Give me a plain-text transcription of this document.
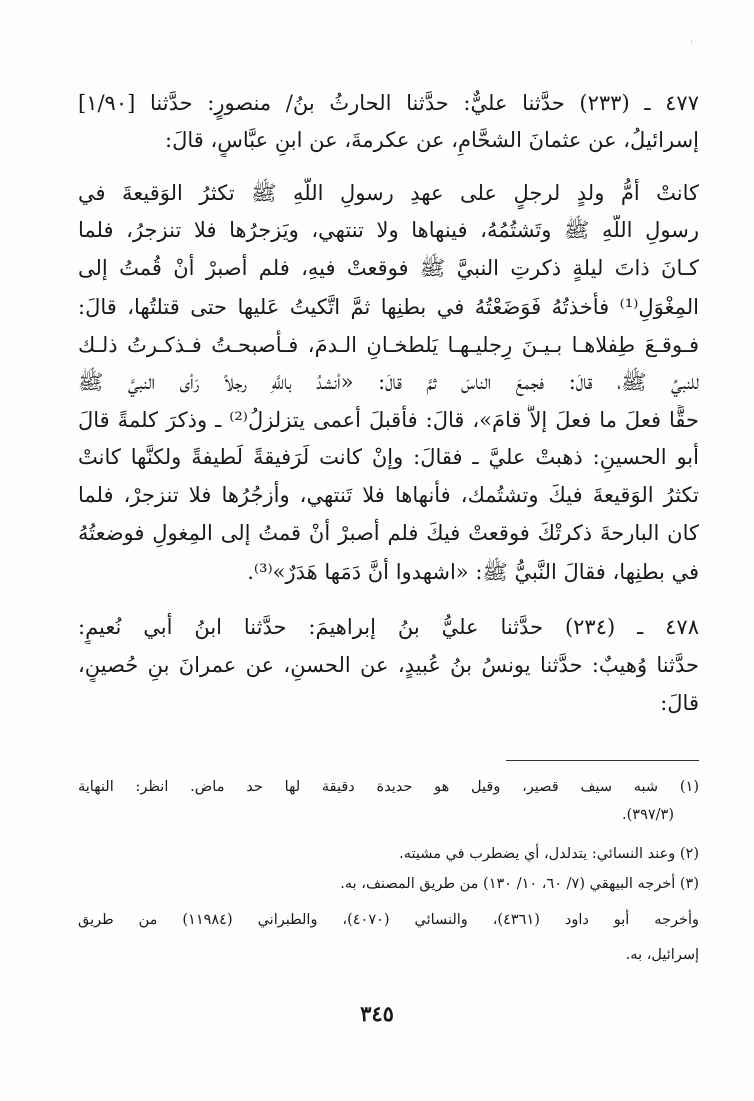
٤٧٧ ـ (٢٣٣) حدَّثنا عليٌّ: حدَّثنا الحارثُ بنُ/ منصورٍ: حدَّثنا [١/٩٠]
إسرائيلُ، عن عثمانَ الشحَّامِ، عن عكرمةَ، عن ابنِ عبَّاسٍ، قالَ:
كانتْ أمُّ ولدٍ لرجلٍ على عهدِ رسولِ اللَّهِ ﷺ تكثرُ الوَقيعةَ في
رسولِ اللَّهِ ﷺ وتَشتُمُهُ، فينهاها ولا تنتهي، ويَزجرُها فلا تنزجرُ، فلما
كـانَ ذاتَ ليلةٍ ذكرتِ النبيَّ ﷺ فوقعتْ فيهِ، فلم أصبرْ أنْ قُمتُ إلى
المِغْوَلِ⁽¹⁾ فأخذتُهُ فَوَضَعْتُهُ في بطنِها ثمَّ اتَّكيتُ عَليها حتى قتلتُها، قالَ:
فـوقـعَ طِفلاهـا بـيـنَ رِجليـهـا يَلطخـانِ الـدمَ، فـأصبحـتُ فـذكـرتُ ذلـك
للنبيِّ ﷺ، قالَ: فجمعَ الناسَ ثمَّ قالَ: «أنشدُ باللَّهِ رجلاً رَأى النبيَّ ﷺ
حقًّا فعلَ ما فعلَ إلاَّ قامَ»، قالَ: فأقبلَ أعمى يتزلزلُ⁽²⁾ ـ وذكرَ كلمةً قالَ
أبو الحسينِ: ذهبتْ عليَّ ـ فقالَ: وإنْ كانت لَرَفيقةً لَطيفةً ولكنَّها كانتْ
تكثرُ الوَقيعةَ فيكَ وتشتُمك، فأنهاها فلا تَنتهي، وأزجُرُها فلا تنزجرْ، فلما
كان البارحةَ ذكرتْكَ فوقعتْ فيكَ فلم أصبرْ أنْ قمتُ إلى المِغولِ فوضعتُهُ
في بطنِها، فقالَ النَّبيُّ ﷺ: «اشهدوا أنَّ دَمَها هَدَرٌ»⁽³⁾.
٤٧٨ ـ (٢٣٤) حدَّثنا عليُّ بنُ إبراهيمَ: حدَّثنا ابنُ أبي نُعيمٍ:
حدَّثنا وُهيبٌ: حدَّثنا يونسُ بنُ عُبيدٍ، عن الحسنِ، عن عمرانَ بنِ حُصينٍ،
قالَ:
(١) شبه سيف قصير، وقيل هو حديدة دقيقة لها حد ماض. انظر: النهاية
(٣٩٧/٣).
(٢) وعند النسائي: يتدلدل، أي يضطرب في مشيته.
(٣) أخرجه البيهقي (٧/ ٦٠، ١٠/ ١٣٠) من طريق المصنف، به.
وأخرجه أبو داود (٤٣٦١)، والنسائي (٤٠٧٠)، والطبراني (١١٩٨٤) من طريق
إسرائيل، به.
٣٤٥
